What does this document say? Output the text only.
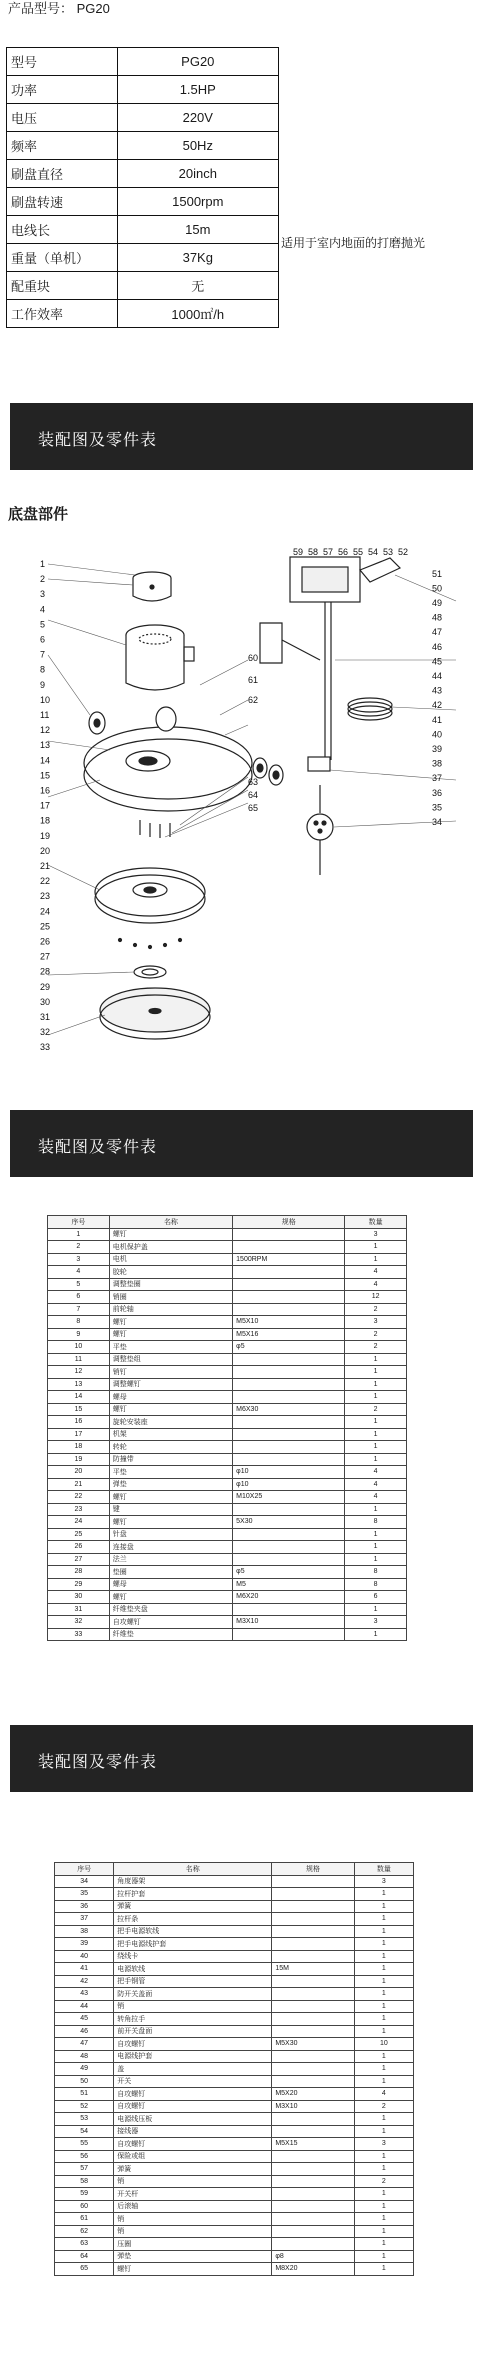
产品型号： PG20
型号	PG20
功率	1.5HP
电压	220V
频率	50Hz
刷盘直径	20inch
刷盘转速	1500rpm
电线长	15m
重量（单机）	37Kg
配重块	无
工作效率	1000㎡/h
适用于室内地面的打磨抛光
装配图及零件表
底盘部件
1
2
3
4
5
6
7
8
9
10
11
12
13
14
15
16
17
18
19
20
21
22
23
24
25
26
27
28
29
30
31
32
33
34
35
36
37
38
39
40
41
42
43
44
45
46
47
48
49
50
51
59 58 57 56 55 54 53 52
60
61
62
63
64
65
装配图及零件表
序号	名称	规格	数量
1	螺钉		3
2	电机保护盖		1
3	电机	1500RPM	1
4	胶轮		4
5	调整垫圈		4
6	销圈		12
7	前轮轴		2
8	螺钉	M5X10	3
9	螺钉	M5X16	2
10	平垫	φ5	2
11	调整垫组		1
12	销钉		1
13	调整螺钉		1
14	螺母		1
15	螺钉	M6X30	2
16	旋轮安装座		1
17	机架		1
18	转轮		1
19	防撞带		1
20	平垫	φ10	4
21	弹垫	φ10	4
22	螺钉	M10X25	4
23	键		1
24	螺钉	5X30	8
25	针盘		1
26	连接盘		1
27	法兰		1
28	垫圈	φ5	8
29	螺母	M5	8
30	螺钉	M6X20	6
31	纤维垫夹盘		1
32	自攻螺钉	M3X10	3
33	纤维垫		1
装配图及零件表
序号	名称	规格	数量
34	角度器架		3
35	拉杆护套		1
36	弹簧		1
37	拉杆条		1
38	把手电源软线		1
39	把手电源线护套		1
40	绕线卡		1
41	电源软线	15M	1
42	把手钢管		1
43	防开关盖面		1
44	销		1
45	转角拉手		1
46	前开关盘面		1
47	自攻螺钉	M5X30	10
48	电源线护套		1
49	盖		1
50	开关		1
51	自攻螺钉	M5X20	4
52	自攻螺钉	M3X10	2
53	电源线压板		1
54	接线器		1
55	自攻螺钉	M5X15	3
56	保险或组		1
57	弹簧		1
58	销		2
59	开关杆		1
60	后滚轴		1
61	销		1
62	销		1
63	压圈		1
64	弹垫	φ8	1
65	螺钉	M8X20	1
